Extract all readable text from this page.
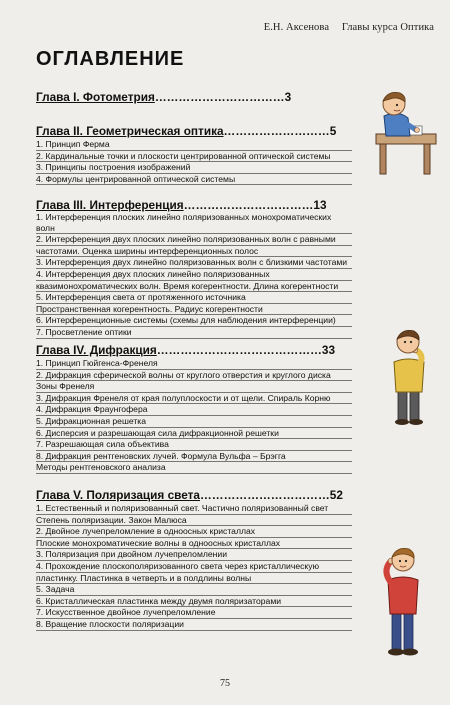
Е.Н. Аксенова Главы курса Оптика
ОГЛАВЛЕНИЕ
Глава I. Фотометрия……………………………3
Глава II. Геометрическая оптика………………………5
1. Принцип Ферма
2. Кардинальные точки и плоскости центрированной оптической системы
3. Принципы построения изображений
4. Формулы центрированной оптической системы
Глава III. Интерференция……………………………13
1. Интерференция плоских линейно поляризованных монохроматических волн
2. Интерференция двух плоских линейно поляризованных волн с равными
частотами. Оценка ширины интерференционных полос
3. Интерференция двух линейно поляризованных волн с близкими частотами
4. Интерференция двух плоских линейно поляризованных
квазимонохроматических волн. Время когерентности. Длина когерентности
5. Интерференция света от протяженного источника
Пространственная когерентность. Радиус когерентности
6. Интерференционные системы (схемы для наблюдения интерференции)
7. Просветление оптики
Глава IV. Дифракция……………………………………33
1. Принцип Гюйгенса-Френеля
2. Дифракция сферической волны от круглого отверстия и круглого диска
Зоны Френеля
3. Дифракция Френеля от края полуплоскости и от щели. Спираль Корню
4. Дифракция Фраунгофера
5. Дифракционная решетка
6. Дисперсия и разрешающая сила дифракционной решетки
7. Разрешающая сила объектива
8. Дифракция рентгеновских лучей. Формула Вульфа – Брэгга
Методы рентгеновского анализа
Глава V. Поляризация света……………………………52
1. Естественный и поляризованный свет. Частично поляризованный свет
Степень поляризации. Закон Малюса
2. Двойное лучепреломление в одноосных кристаллах
Плоские монохроматические волны в одноосных кристаллах
3. Поляризация при двойном лучепреломлении
4. Прохождение плоскополяризованного света через кристаллическую
пластинку. Пластинка в четверть и в полдлины волны
5. Задача
6. Кристаллическая пластинка между двумя поляризаторами
7. Искусственное двойное лучепреломление
8. Вращение плоскости поляризации
75
